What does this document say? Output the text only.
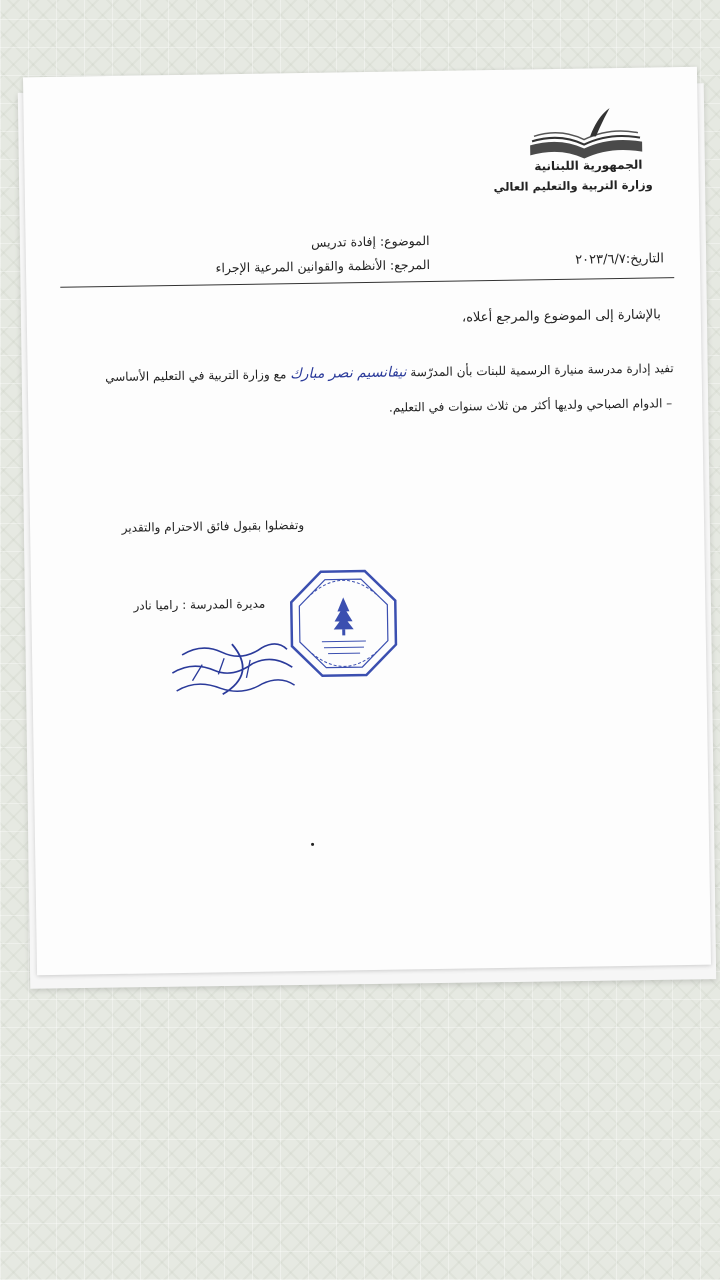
الجمهورية اللبنانية
وزارة التربية والتعليم العالي
الموضوع: إفادة تدريس
المرجع: الأنظمة والقوانين المرعية الإجراء	التاريخ:٢٠٢٣/٦/٧
بالإشارة إلى الموضوع والمرجع أعلاه،
تفيد إدارة مدرسة منيارة الرسمية للبنات بأن المدرّسة نيفانسيم نصر مبارك مع وزارة التربية في التعليم الأساسي
– الدوام الصباحي ولديها أكثر من ثلاث سنوات في التعليم.
وتفضلوا بقبول فائق الاحترام والتقدير
مديرة المدرسة : راميا نادر
